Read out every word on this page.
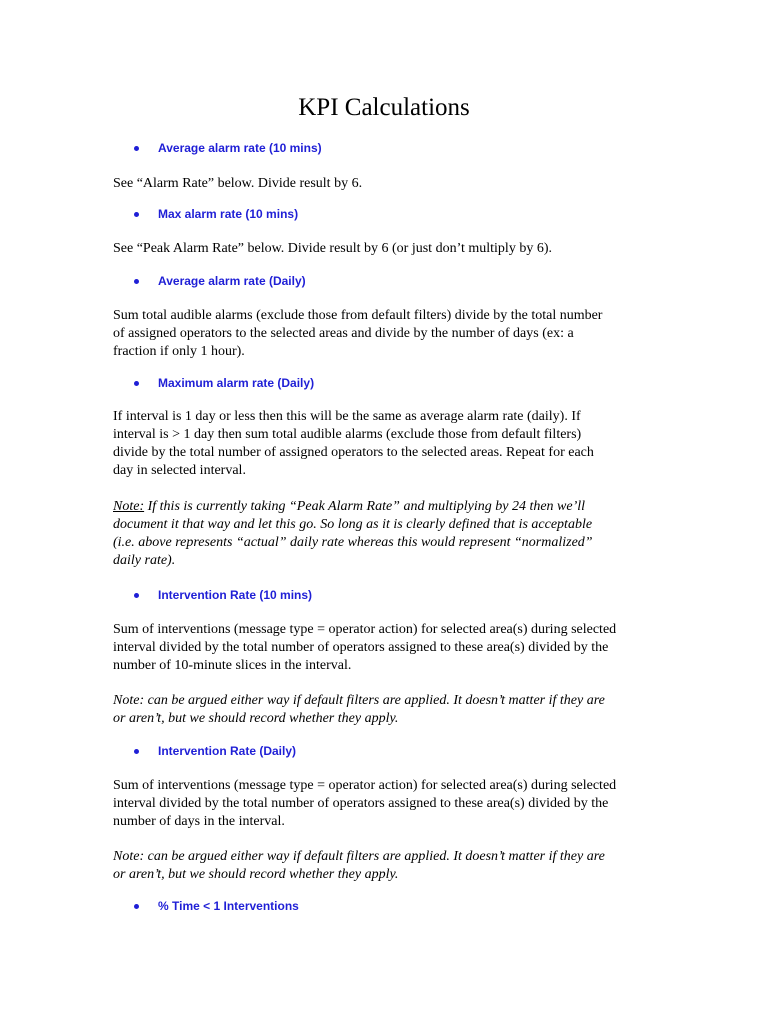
KPI Calculations
Average alarm rate (10 mins)
See “Alarm Rate” below. Divide result by 6.
Max alarm rate (10 mins)
See “Peak Alarm Rate” below. Divide result by 6 (or just don’t multiply by 6).
Average alarm rate (Daily)
Sum total audible alarms (exclude those from default filters) divide by the total number
of assigned operators to the selected areas and divide by the number of days (ex: a
fraction if only 1 hour).
Maximum alarm rate (Daily)
If interval is 1 day or less then this will be the same as average alarm rate (daily). If
interval is > 1 day then sum total audible alarms (exclude those from default filters)
divide by the total number of assigned operators to the selected areas. Repeat for each
day in selected interval.
Note: If this is currently taking “Peak Alarm Rate” and multiplying by 24 then we’ll
document it that way and let this go. So long as it is clearly defined that is acceptable
(i.e. above represents “actual” daily rate whereas this would represent “normalized”
daily rate).
Intervention Rate (10 mins)
Sum of interventions (message type = operator action) for selected area(s) during selected
interval divided by the total number of operators assigned to these area(s) divided by the
number of 10-minute slices in the interval.
Note: can be argued either way if default filters are applied. It doesn’t matter if they are
or aren’t, but we should record whether they apply.
Intervention Rate (Daily)
Sum of interventions (message type = operator action) for selected area(s) during selected
interval divided by the total number of operators assigned to these area(s) divided by the
number of days in the interval.
Note: can be argued either way if default filters are applied. It doesn’t matter if they are
or aren’t, but we should record whether they apply.
% Time < 1 Interventions
